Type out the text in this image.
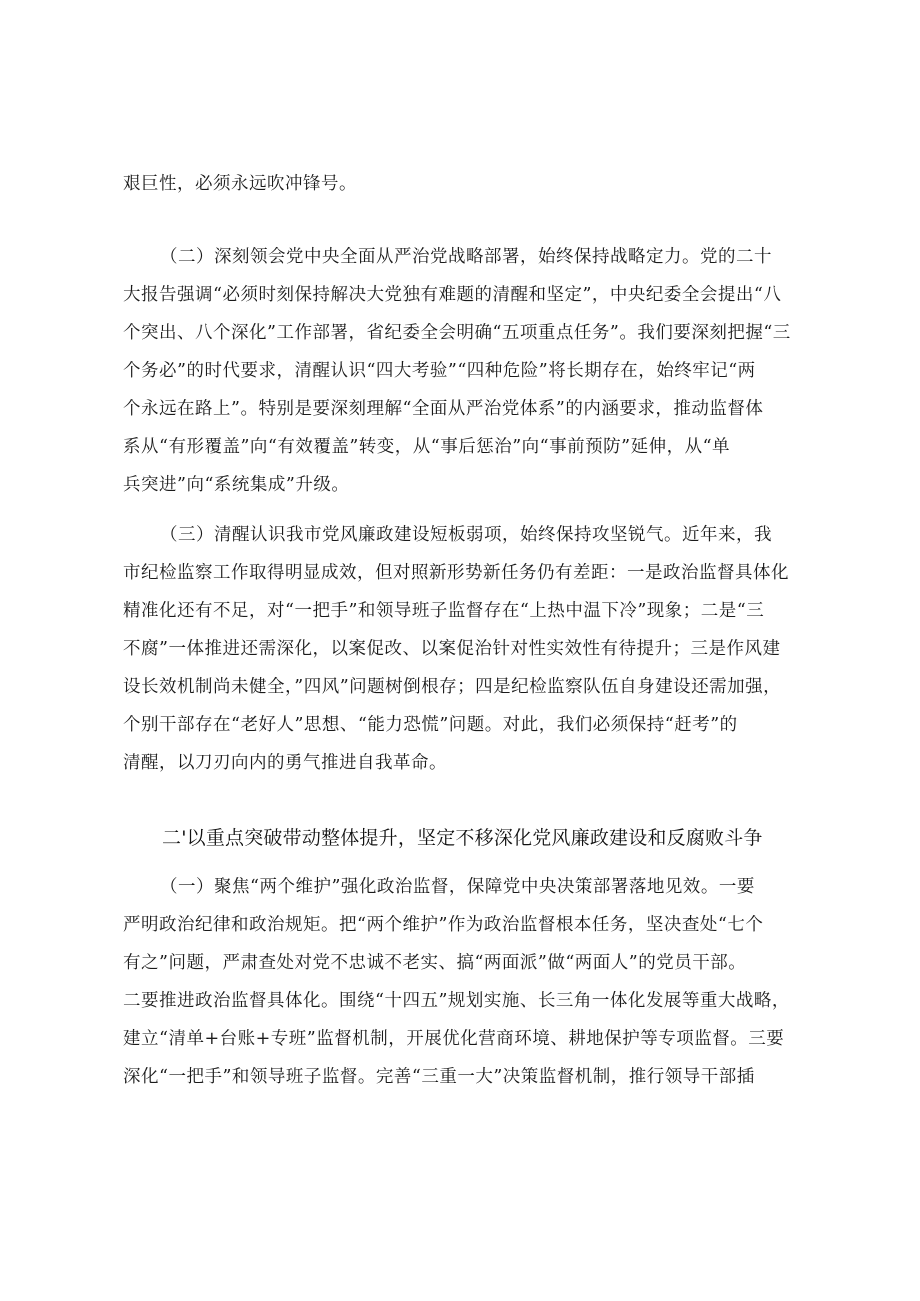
艰巨性，必须永远吹冲锋号。
（二）深刻领会党中央全面从严治党战略部署，始终保持战略定力。党的二十
大报告强调“必须时刻保持解决大党独有难题的清醒和坚定”，中央纪委全会提出“八
个突出、八个深化”工作部署，省纪委全会明确“五项重点任务”。我们要深刻把握“三
个务必”的时代要求，清醒认识“四大考验”“四种危险”将长期存在，始终牢记“两
个永远在路上”。特别是要深刻理解“全面从严治党体系”的内涵要求，推动监督体
系从“有形覆盖”向“有效覆盖”转变，从“事后惩治”向“事前预防”延伸，从“单
兵突进”向“系统集成”升级。
（三）清醒认识我市党风廉政建设短板弱项，始终保持攻坚锐气。近年来，我
市纪检监察工作取得明显成效，但对照新形势新任务仍有差距：一是政治监督具体化
精准化还有不足，对“一把手”和领导班子监督存在“上热中温下冷”现象；二是“三
不腐”一体推进还需深化，以案促改、以案促治针对性实效性有待提升；三是作风建
设长效机制尚未健全，”四风”问题树倒根存；四是纪检监察队伍自身建设还需加强，
个别干部存在“老好人”思想、“能力恐慌”问题。对此，我们必须保持“赶考”的
清醒，以刀刃向内的勇气推进自我革命。
二'以重点突破带动整体提升，坚定不移深化党风廉政建设和反腐败斗争
（一）聚焦“两个维护”强化政治监督，保障党中央决策部署落地见效。一要
严明政治纪律和政治规矩。把“两个维护”作为政治监督根本任务，坚决查处“七个
有之”问题，严肃查处对党不忠诚不老实、搞“两面派”做“两面人”的党员干部。
二要推进政治监督具体化。围绕“十四五”规划实施、长三角一体化发展等重大战略，
建立“清单+台账+专班”监督机制，开展优化营商环境、耕地保护等专项监督。三要
深化“一把手”和领导班子监督。完善“三重一大”决策监督机制，推行领导干部插
